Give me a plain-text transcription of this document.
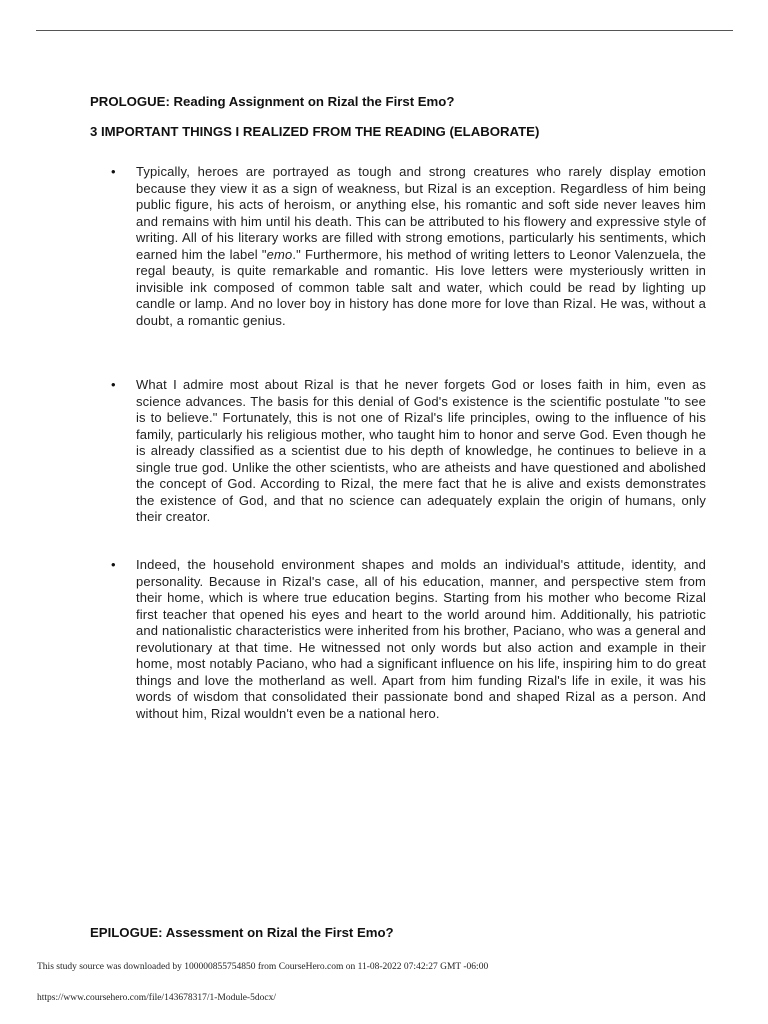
PROLOGUE: Reading Assignment on Rizal the First Emo?

3 IMPORTANT THINGS I REALIZED FROM THE READING (ELABORATE)

• Typically, heroes are portrayed as tough and strong creatures who rarely display emotion because they view it as a sign of weakness, but Rizal is an exception. Regardless of him being public figure, his acts of heroism, or anything else, his romantic and soft side never leaves him and remains with him until his death. This can be attributed to his flowery and expressive style of writing. All of his literary works are filled with strong emotions, particularly his sentiments, which earned him the label "emo." Furthermore, his method of writing letters to Leonor Valenzuela, the regal beauty, is quite remarkable and romantic. His love letters were mysteriously written in invisible ink composed of common table salt and water, which could be read by lighting up candle or lamp. And no lover boy in history has done more for love than Rizal. He was, without a doubt, a romantic genius.

• What I admire most about Rizal is that he never forgets God or loses faith in him, even as science advances. The basis for this denial of God's existence is the scientific postulate "to see is to believe." Fortunately, this is not one of Rizal's life principles, owing to the influence of his family, particularly his religious mother, who taught him to honor and serve God. Even though he is already classified as a scientist due to his depth of knowledge, he continues to believe in a single true god. Unlike the other scientists, who are atheists and have questioned and abolished the concept of God. According to Rizal, the mere fact that he is alive and exists demonstrates the existence of God, and that no science can adequately explain the origin of humans, only their creator.

• Indeed, the household environment shapes and molds an individual's attitude, identity, and personality. Because in Rizal's case, all of his education, manner, and perspective stem from their home, which is where true education begins. Starting from his mother who become Rizal first teacher that opened his eyes and heart to the world around him. Additionally, his patriotic and nationalistic characteristics were inherited from his brother, Paciano, who was a general and revolutionary at that time. He witnessed not only words but also action and example in their home, most notably Paciano, who had a significant influence on his life, inspiring him to do great things and love the motherland as well. Apart from him funding Rizal's life in exile, it was his words of wisdom that consolidated their passionate bond and shaped Rizal as a person. And without him, Rizal wouldn't even be a national hero.

EPILOGUE: Assessment on Rizal the First Emo?

This study source was downloaded by 100000855754850 from CourseHero.com on 11-08-2022 07:42:27 GMT -06:00

https://www.coursehero.com/file/143678317/1-Module-5docx/
